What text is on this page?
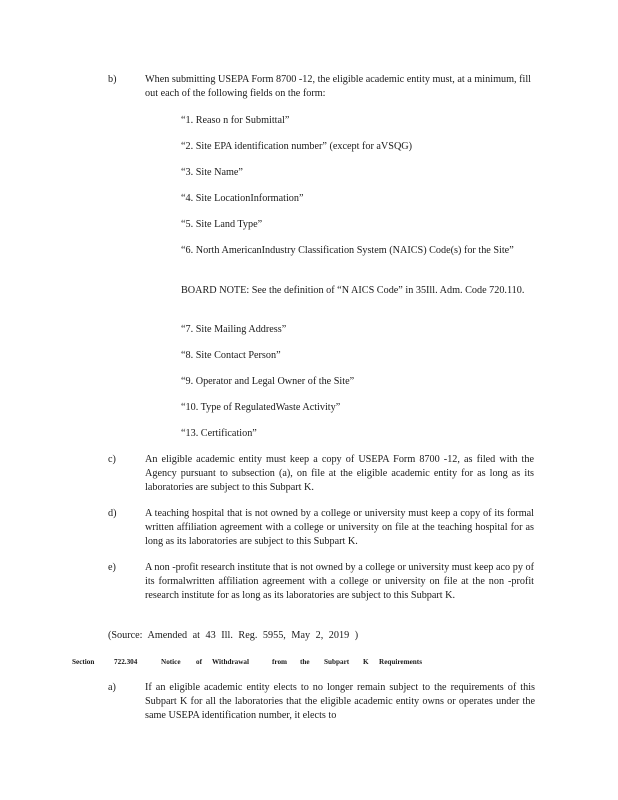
b)	When submitting USEPA Form 8700 -12, the eligible academic entity must, at a minimum, fill out each of the following fields on the form:
“1. Reaso n for Submittal”
“2. Site EPA identification number” (except for aVSQG)
“3. Site Name”
“4. Site LocationInformation”
“5. Site Land Type”
“6. North AmericanIndustry Classification System (NAICS) Code(s) for the Site”
BOARD NOTE: See the definition of “N AICS Code” in 35Ill. Adm. Code 720.110.
“7. Site Mailing Address”
“8. Site Contact Person”
“9. Operator and Legal Owner of the Site”
“10. Type of RegulatedWaste Activity”
“13. Certification”
c)	An eligible academic entity must keep a copy of USEPA Form 8700 -12, as filed with the Agency pursuant to subsection (a), on file at the eligible academic entity for as long as its laboratories are subject to this Subpart K.
d)	A teaching hospital that is not owned by a college or university must keep a copy of its formal written affiliation agreement with a college or university on file at the teaching hospital for as long as its laboratories are subject to this Subpart K.
e)	A non -profit research institute that is not owned by a college or university must keep aco py of its formalwritten affiliation agreement with a college or university on file at the non -profit research institute for as long as its laboratories are subject to this Subpart K.
(Source: Amended at 43 Ill. Reg. 5955, May 2, 2019 )
Section	722.304	Notice	of	Withdrawal	from	the	Subpart	K	Requirements
a)	If an eligible academic entity elects to no longer remain subject to the requirements of this Subpart K for all the laboratories that the eligible academic entity owns or operates under the same USEPA identification number, it elects to
